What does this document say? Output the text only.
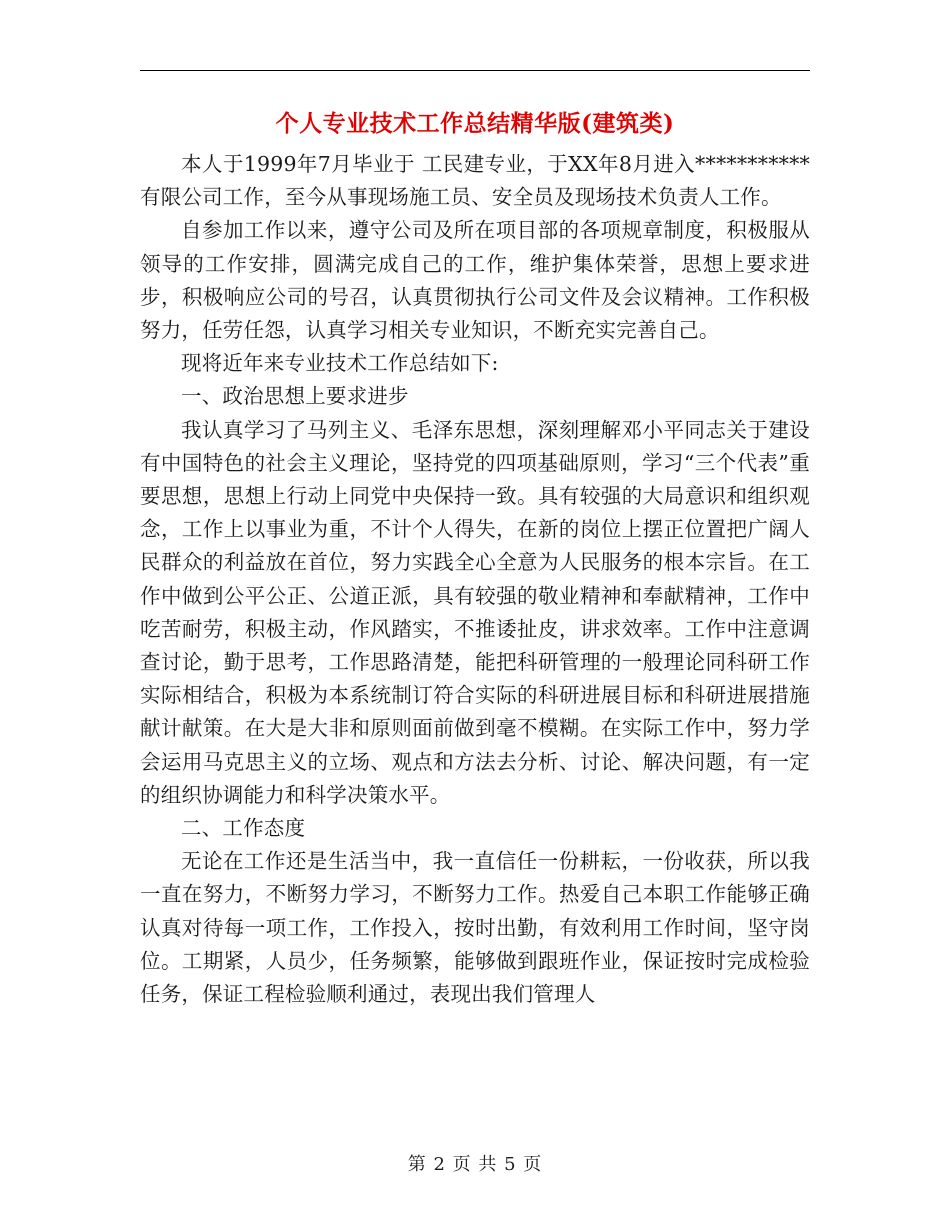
个人专业技术工作总结精华版(建筑类)

本人于1999年7月毕业于 工民建专业，于XX年8月进入***********有限公司工作，至今从事现场施工员、安全员及现场技术负责人工作。

自参加工作以来，遵守公司及所在项目部的各项规章制度，积极服从领导的工作安排，圆满完成自己的工作，维护集体荣誉，思想上要求进步，积极响应公司的号召，认真贯彻执行公司文件及会议精神。工作积极努力，任劳任怨，认真学习相关专业知识，不断充实完善自己。

现将近年来专业技术工作总结如下:

一、政治思想上要求进步

我认真学习了马列主义、毛泽东思想，深刻理解邓小平同志关于建设有中国特色的社会主义理论，坚持党的四项基础原则，学习“三个代表”重要思想，思想上行动上同党中央保持一致。具有较强的大局意识和组织观念，工作上以事业为重，不计个人得失，在新的岗位上摆正位置把广阔人民群众的利益放在首位，努力实践全心全意为人民服务的根本宗旨。在工作中做到公平公正、公道正派，具有较强的敬业精神和奉献精神，工作中吃苦耐劳，积极主动，作风踏实，不推诿扯皮，讲求效率。工作中注意调查讨论，勤于思考，工作思路清楚，能把科研管理的一般理论同科研工作实际相结合，积极为本系统制订符合实际的科研进展目标和科研进展措施献计献策。在大是大非和原则面前做到毫不模糊。在实际工作中，努力学会运用马克思主义的立场、观点和方法去分析、讨论、解决问题，有一定的组织协调能力和科学决策水平。

二、工作态度

无论在工作还是生活当中，我一直信任一份耕耘，一份收获，所以我一直在努力，不断努力学习，不断努力工作。热爱自己本职工作能够正确认真对待每一项工作，工作投入，按时出勤，有效利用工作时间，坚守岗位。工期紧，人员少，任务频繁，能够做到跟班作业，保证按时完成检验任务，保证工程检验顺利通过，表现出我们管理人

第 2 页 共 5 页
